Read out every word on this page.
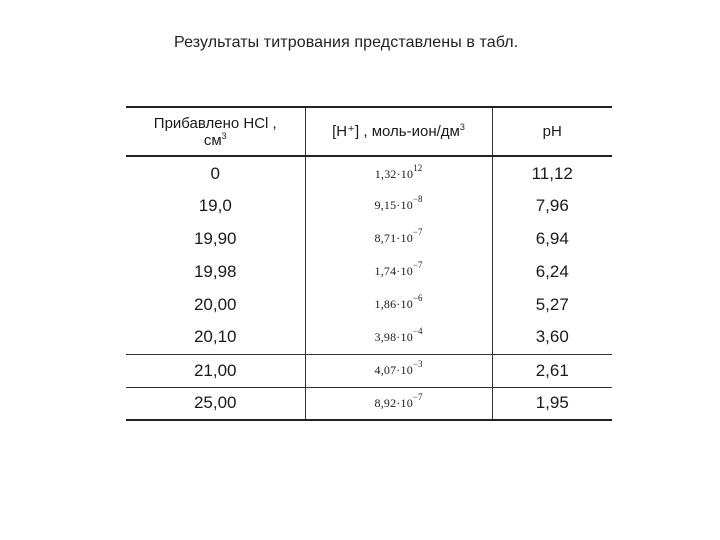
Результаты титрования представлены в табл.
Прибавлено HCl ,
$см^3$	[H⁺] , моль-$ион/дм^3$	pH
0	$1,32\cdot 10^{12}$	11,12
19,0	$9,15\cdot 10^{-8}$	7,96
19,90	$8,71\cdot 10^{-7}$	6,94
19,98	$1,74\cdot 10^{-7}$	6,24
20,00	$1,86\cdot 10^{-6}$	5,27
20,10	$3,98\cdot 10^{-4}$	3,60
21,00	$4,07\cdot 10^{-3}$	2,61
25,00	$8,92\cdot 10^{-7}$	1,95
